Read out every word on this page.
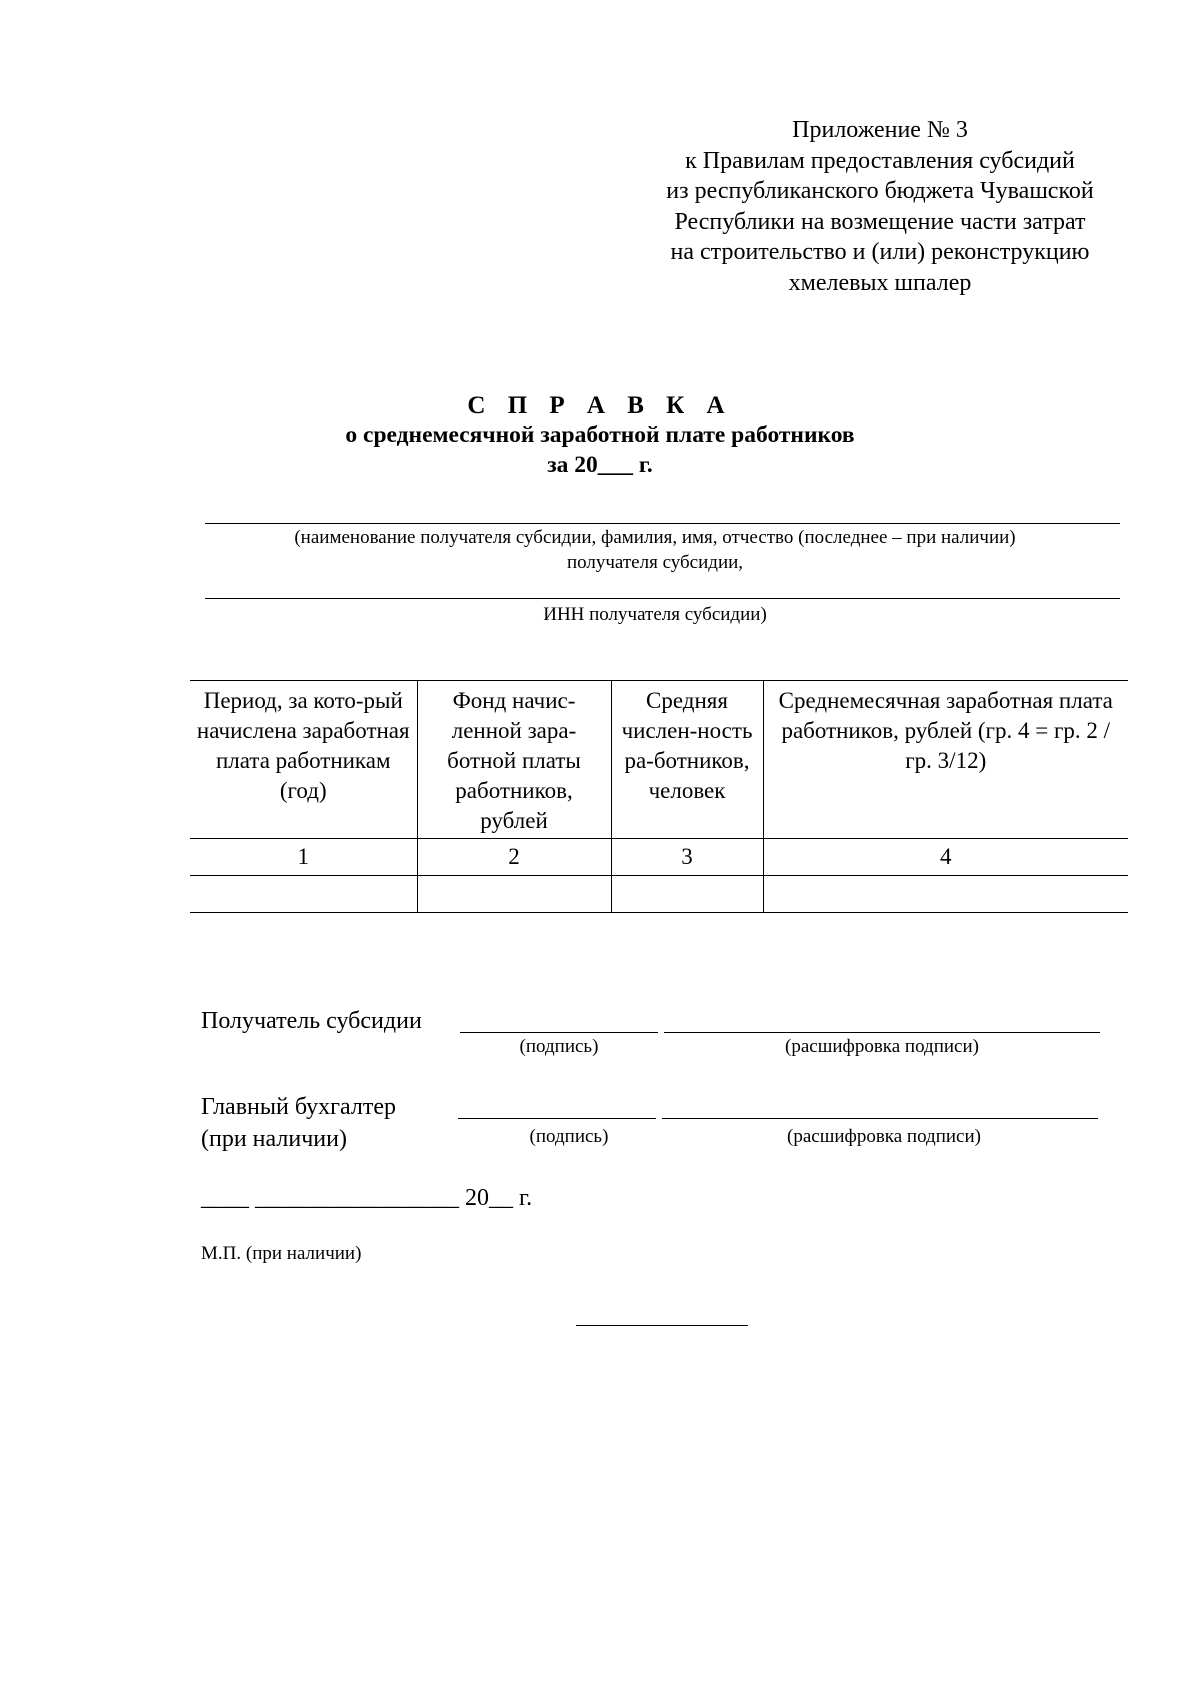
Приложение № 3
к Правилам предоставления субсидий
из республиканского бюджета Чувашской
Республики на возмещение части затрат
на строительство и (или) реконструкцию
хмелевых шпалер
С П Р А В К А
о среднемесячной заработной плате работников
за 20___ г.
(наименование получателя субсидии, фамилия, имя, отчество (последнее – при наличии)
получателя субсидии,
ИНН получателя субсидии)
Период, за кото-рый начислена заработная плата работникам (год)	Фонд начис-ленной зара-ботной платы работников, рублей	Средняя числен-ность ра-ботников, человек	Среднемесячная заработная плата работников, рублей (гр. 4 = гр. 2 / гр. 3/12)
1	2	3	4

Получатель субсидии
(подпись)	(расшифровка подписи)
Главный бухгалтер
(при наличии)	(подпись)	(расшифровка подписи)
____ _________________ 20__ г.
М.П. (при наличии)
